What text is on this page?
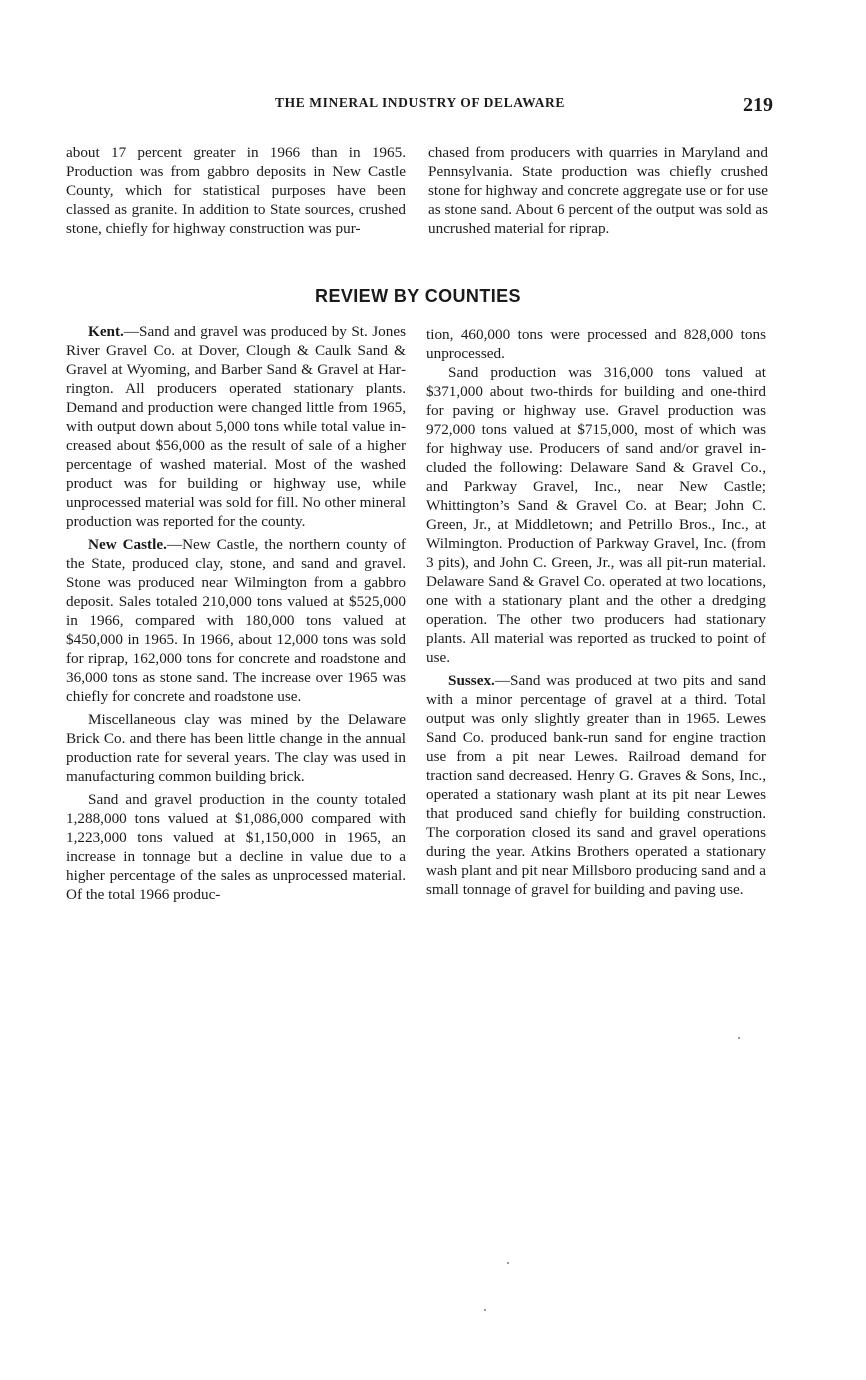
THE MINERAL INDUSTRY OF DELAWARE	219

about 17 percent greater in 1966 than in 1965. Production was from gabbro deposits in New Castle County, which for statistical purposes have been classed as granite. In addition to State sources, crushed stone, chiefly for highway construction was pur-

chased from producers with quarries in Maryland and Pennsylvania. State production was chiefly crushed stone for highway and concrete aggregate use or for use as stone sand. About 6 percent of the output was sold as uncrushed material for riprap.

REVIEW BY COUNTIES

Kent.—Sand and gravel was produced by St. Jones River Gravel Co. at Dover, Clough & Caulk Sand & Gravel at Wyoming, and Barber Sand & Gravel at Harrington. All producers operated stationary plants. Demand and production were changed little from 1965, with output down about 5,000 tons while total value increased about $56,000 as the result of sale of a higher percentage of washed material. Most of the washed product was for building or highway use, while unprocessed material was sold for fill. No other mineral production was reported for the county.

New Castle.—New Castle, the northern county of the State, produced clay, stone, and sand and gravel. Stone was produced near Wilmington from a gabbro deposit. Sales totaled 210,000 tons valued at $525,000 in 1966, compared with 180,000 tons valued at $450,000 in 1965. In 1966, about 12,000 tons was sold for riprap, 162,000 tons for concrete and roadstone and 36,000 tons as stone sand. The increase over 1965 was chiefly for concrete and roadstone use.

Miscellaneous clay was mined by the Delaware Brick Co. and there has been little change in the annual production rate for several years. The clay was used in manufacturing common building brick.

Sand and gravel production in the county totaled 1,288,000 tons valued at $1,086,000 compared with 1,223,000 tons valued at $1,150,000 in 1965, an increase in tonnage but a decline in value due to a higher percentage of the sales as unprocessed material. Of the total 1966 produc-

tion, 460,000 tons were processed and 828,000 tons unprocessed.

Sand production was 316,000 tons valued at $371,000 about two-thirds for building and one-third for paving or highway use. Gravel production was 972,000 tons valued at $715,000, most of which was for highway use. Producers of sand and/or gravel included the following: Delaware Sand & Gravel Co., and Parkway Gravel, Inc., near New Castle; Whittington’s Sand & Gravel Co. at Bear; John C. Green, Jr., at Middletown; and Petrillo Bros., Inc., at Wilmington. Production of Parkway Gravel, Inc. (from 3 pits), and John C. Green, Jr., was all pit-run material. Delaware Sand & Gravel Co. operated at two locations, one with a stationary plant and the other a dredging operation. The other two producers had stationary plants. All material was reported as trucked to point of use.

Sussex.—Sand was produced at two pits and sand with a minor percentage of gravel at a third. Total output was only slightly greater than in 1965. Lewes Sand Co. produced bank-run sand for engine traction use from a pit near Lewes. Railroad demand for traction sand decreased. Henry G. Graves & Sons, Inc., operated a stationary wash plant at its pit near Lewes that produced sand chiefly for building construction. The corporation closed its sand and gravel operations during the year. Atkins Brothers operated a stationary wash plant and pit near Millsboro producing sand and a small tonnage of gravel for building and paving use.
